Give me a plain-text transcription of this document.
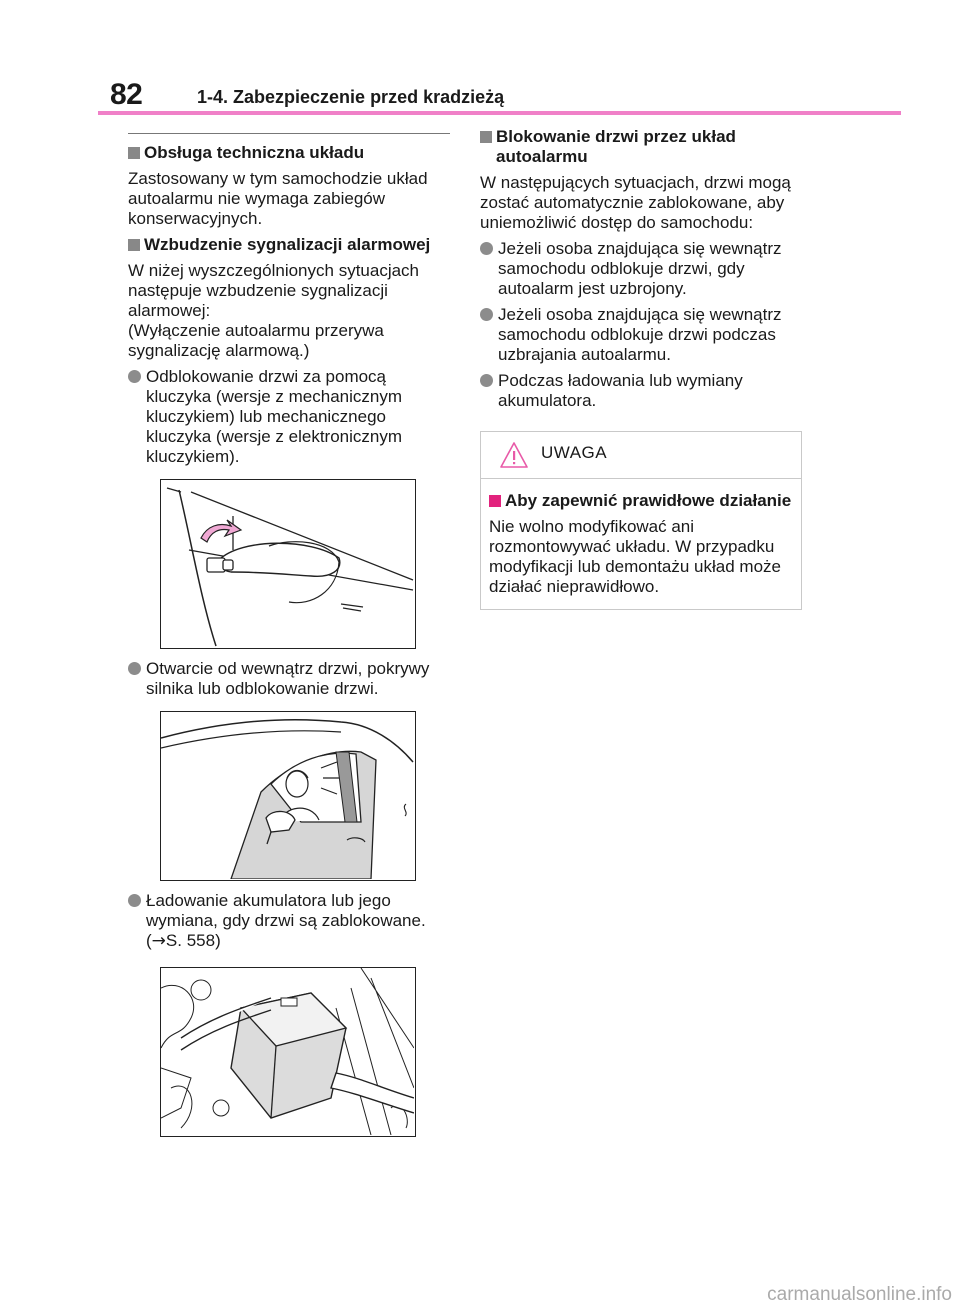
82	1-4. Zabezpieczenie przed kradzieżą
Obsługa techniczna układu

Zastosowany w tym samochodzie układ autoalarmu nie wymaga zabiegów konserwacyjnych.

Wzbudzenie sygnalizacji alarmowej

W niżej wyszczególnionych sytuacjach następuje wzbudzenie sygnalizacji alarmowej:

(Wyłączenie autoalarmu przerywa sygnalizację alarmową.)

Odblokowanie drzwi za pomocą kluczyka (wersje z mechanicznym kluczykiem) lub mechanicznego kluczyka (wersje z elektronicznym kluczykiem).
Otwarcie od wewnątrz drzwi, pokrywy silnika lub odblokowanie drzwi.
Ładowanie akumulatora lub jego wymiana, gdy drzwi są zablokowane.
(→S. 558)
Blokowanie drzwi przez układ autoalarmu

W następujących sytuacjach, drzwi mogą zostać automatycznie zablokowane, aby uniemożliwić dostęp do samochodu:

Jeżeli osoba znajdująca się wewnątrz samochodu odblokuje drzwi, gdy autoalarm jest uzbrojony.
Jeżeli osoba znajdująca się wewnątrz samochodu odblokuje drzwi podczas uzbrajania autoalarmu.
Podczas ładowania lub wymiany akumulatora.
UWAGA
Aby zapewnić prawidłowe działanie

Nie wolno modyfikować ani rozmontowywać układu. W przypadku modyfikacji lub demontażu układ może działać nieprawidłowo.

carmanualsonline.info
